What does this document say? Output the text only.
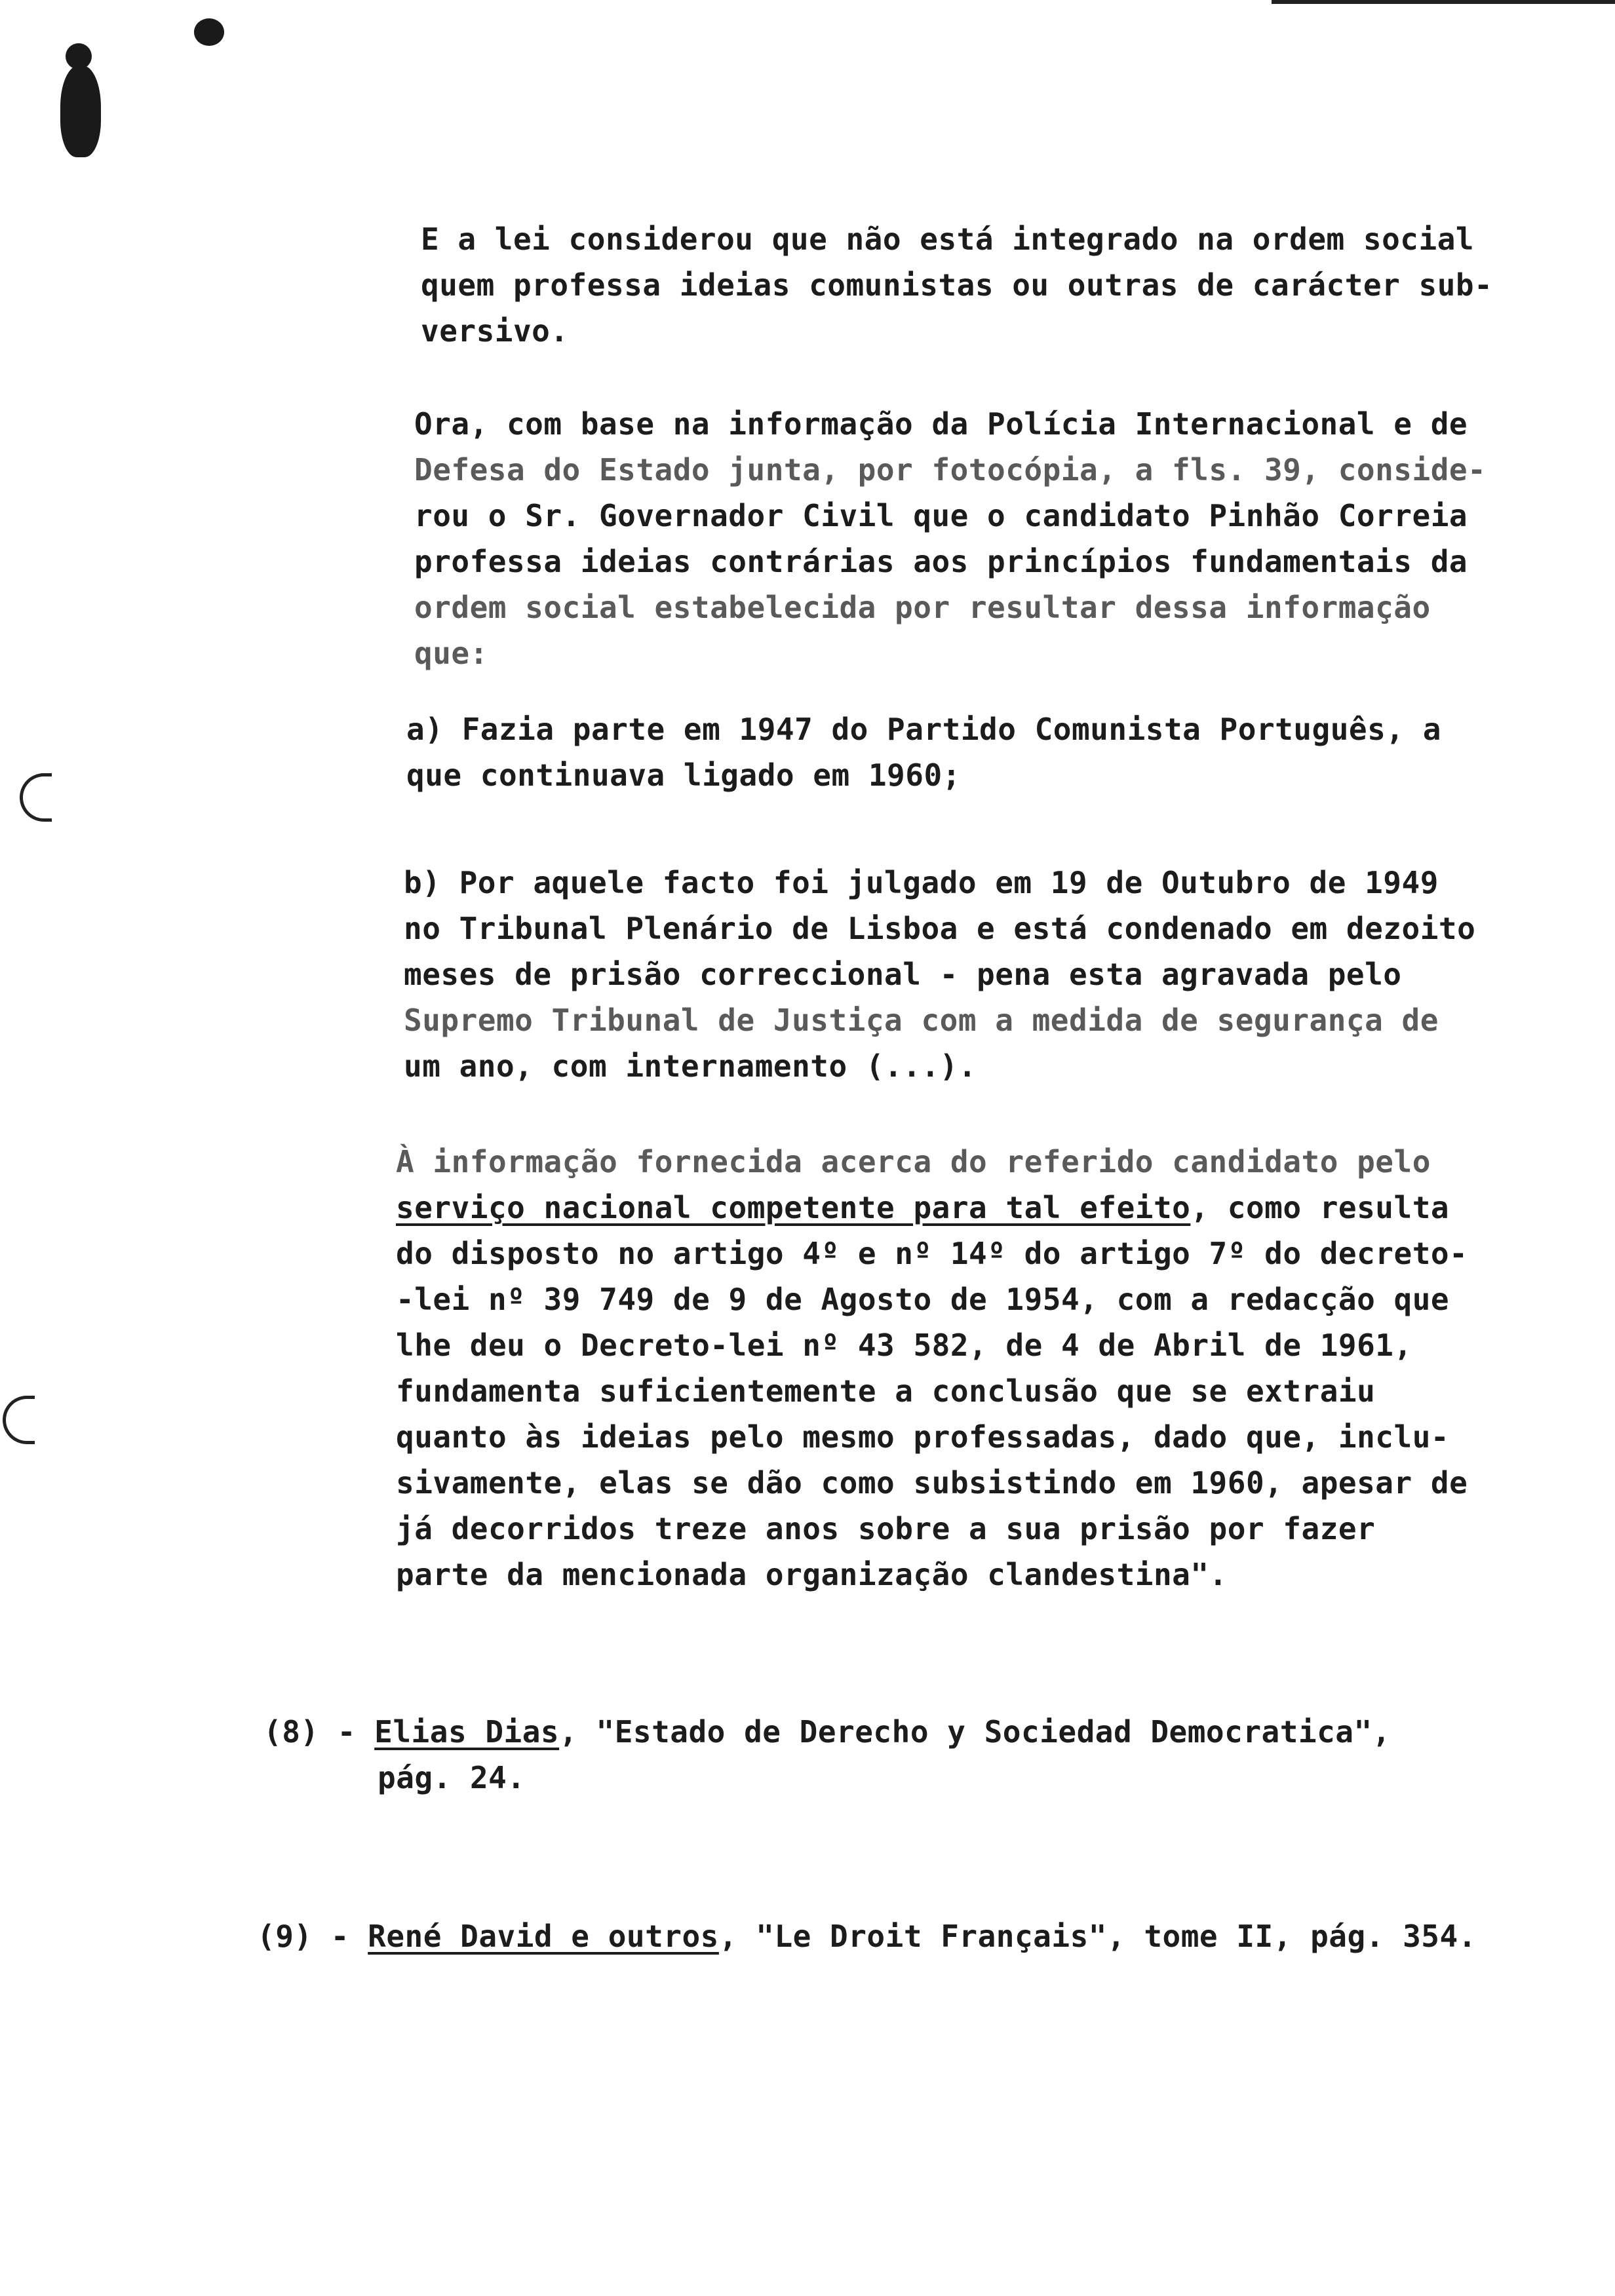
E a lei considerou que não está integrado na ordem social
quem professa ideias comunistas ou outras de carácter sub-
versivo.
Ora, com base na informação da Polícia Internacional e de
Defesa do Estado junta, por fotocópia, a fls. 39, conside-
rou o Sr. Governador Civil que o candidato Pinhão Correia
professa ideias contrárias aos princípios fundamentais da
ordem social estabelecida por resultar dessa informação
que:
a) Fazia parte em 1947 do Partido Comunista Português, a
que continuava ligado em 1960;
b) Por aquele facto foi julgado em 19 de Outubro de 1949
no Tribunal Plenário de Lisboa e está condenado em dezoito
meses de prisão correccional - pena esta agravada pelo
Supremo Tribunal de Justiça com a medida de segurança de
um ano, com internamento (...).
À informação fornecida acerca do referido candidato pelo
serviço nacional competente para tal efeito, como resulta
do disposto no artigo 4º e nº 14º do artigo 7º do decreto-
-lei nº 39 749 de 9 de Agosto de 1954, com a redacção que
lhe deu o Decreto-lei nº 43 582, de 4 de Abril de 1961,
fundamenta suficientemente a conclusão que se extraiu
quanto às ideias pelo mesmo professadas, dado que, inclu-
sivamente, elas se dão como subsistindo em 1960, apesar de
já decorridos treze anos sobre a sua prisão por fazer
parte da mencionada organização clandestina".
(8) - Elias Dias, "Estado de Derecho y Sociedad Democratica",
pág. 24.
(9) - René David e outros, "Le Droit Français", tome II, pág. 354.
